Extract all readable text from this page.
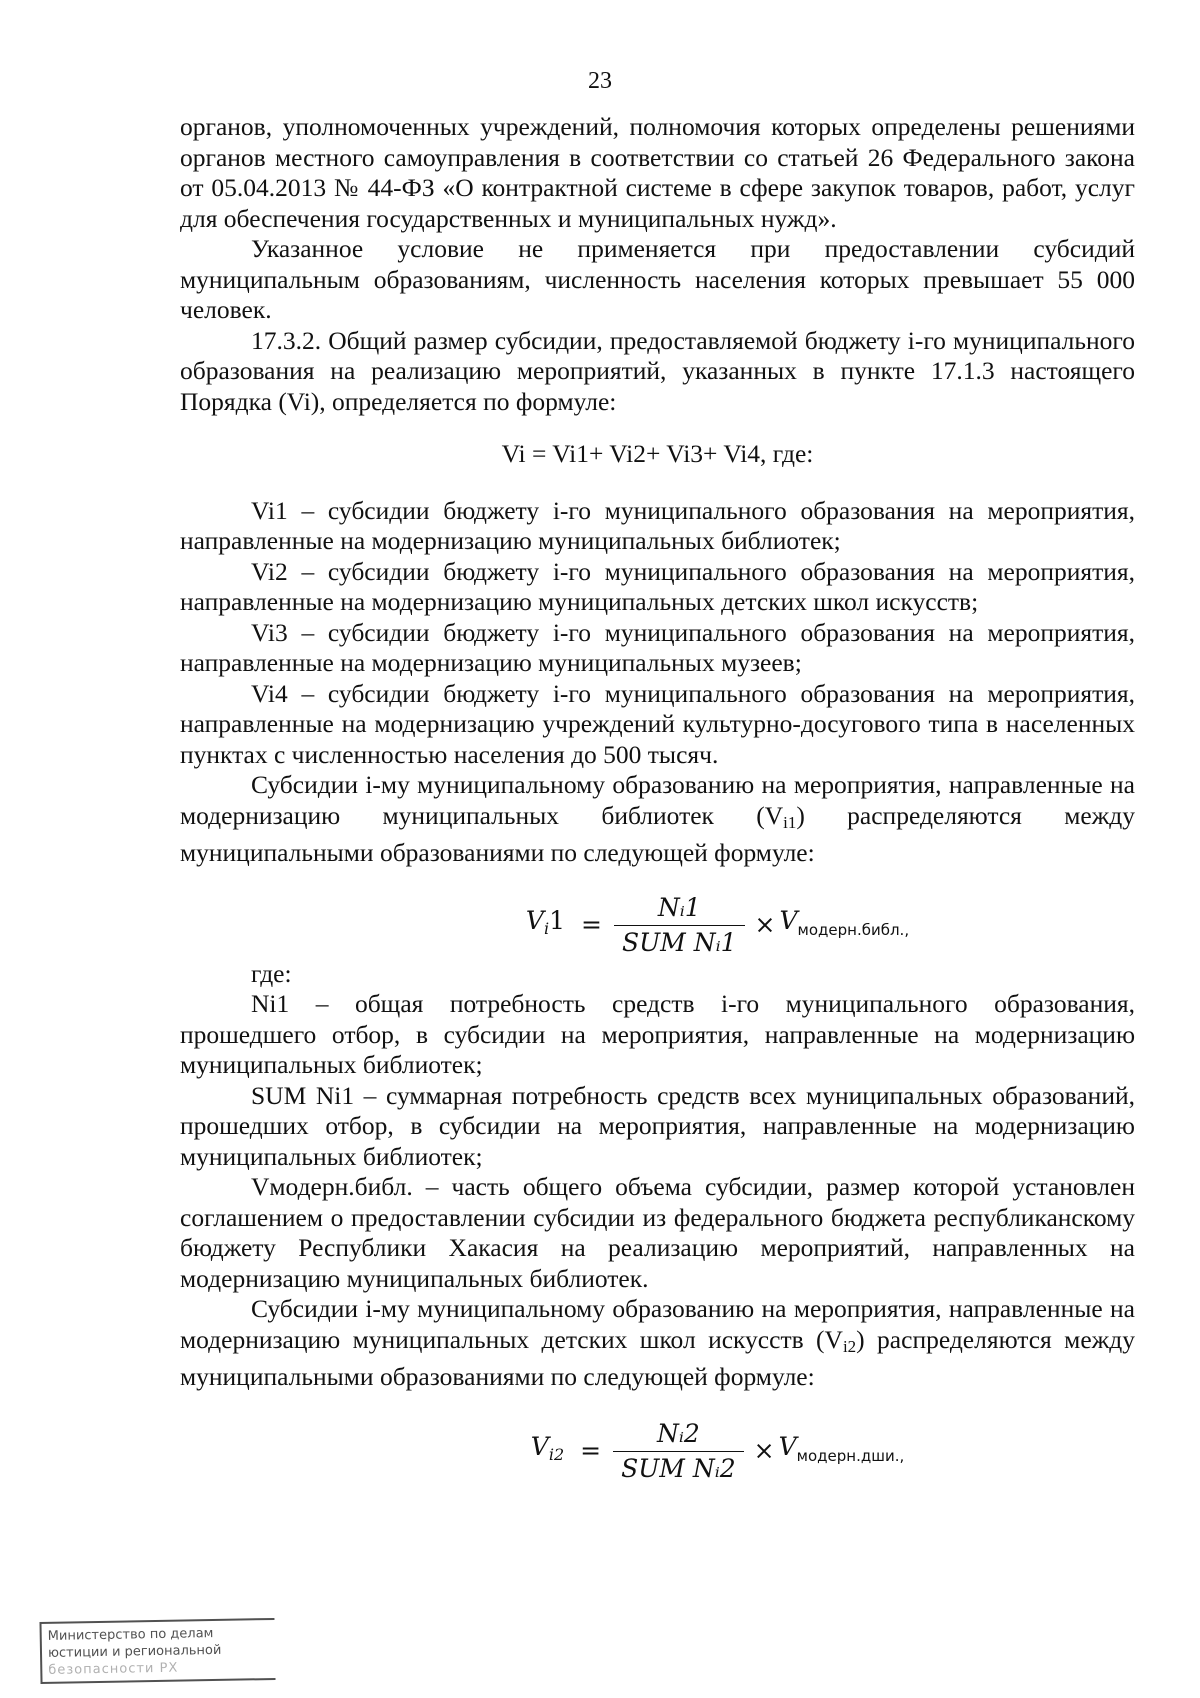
23

органов, уполномоченных учреждений, полномочия которых определены решениями органов местного самоуправления в соответствии со статьей 26 Федерального закона от 05.04.2013 № 44-ФЗ «О контрактной системе в сфере закупок товаров, работ, услуг для обеспечения государственных и муниципальных нужд».

Указанное условие не применяется при предоставлении субсидий муниципальным образованиям, численность населения которых превышает 55 000 человек.

17.3.2. Общий размер субсидии, предоставляемой бюджету i-го муниципального образования на реализацию мероприятий, указанных в пункте 17.1.3 настоящего Порядка (Vi), определяется по формуле:

Vi = Vi1+ Vi2+ Vi3+ Vi4, где:

Vi1 – субсидии бюджету i-го муниципального образования на мероприятия, направленные на модернизацию муниципальных библиотек;

Vi2 – субсидии бюджету i-го муниципального образования на мероприятия, направленные на модернизацию муниципальных детских школ искусств;

Vi3 – субсидии бюджету i-го муниципального образования на мероприятия, направленные на модернизацию муниципальных музеев;

Vi4 – субсидии бюджету i-го муниципального образования на мероприятия, направленные на модернизацию учреждений культурно-досугового типа в населенных пунктах с численностью населения до 500 тысяч.

Субсидии i-му муниципальному образованию на мероприятия, направленные на модернизацию муниципальных библиотек (Vi1) распределяются между муниципальными образованиями по следующей формуле:

$V_i1 = \frac{\text{Nᵢ1}}{\text{SUM Nᵢ1}} \times V_{модерн.библ.,}$

где:

Ni1 – общая потребность средств i-го муниципального образования, прошедшего отбор, в субсидии на мероприятия, направленные на модернизацию муниципальных библиотек;

SUM Ni1 – суммарная потребность средств всех муниципальных образований, прошедших отбор, в субсидии на мероприятия, направленные на модернизацию муниципальных библиотек;

Vмодерн.библ. – часть общего объема субсидии, размер которой установлен соглашением о предоставлении субсидии из федерального бюджета республиканскому бюджету Республики Хакасия на реализацию мероприятий, направленных на модернизацию муниципальных библиотек.

Субсидии i-му муниципальному образованию на мероприятия, направленные на модернизацию муниципальных детских школ искусств (Vi2) распределяются между муниципальными образованиями по следующей формуле:

$V_{i2} = \frac{\text{Nᵢ2}}{\text{SUM Nᵢ2}} \times V_{модерн.дши.,}$
Министерство по делам
юстиции и региональной
безопасности РХ
